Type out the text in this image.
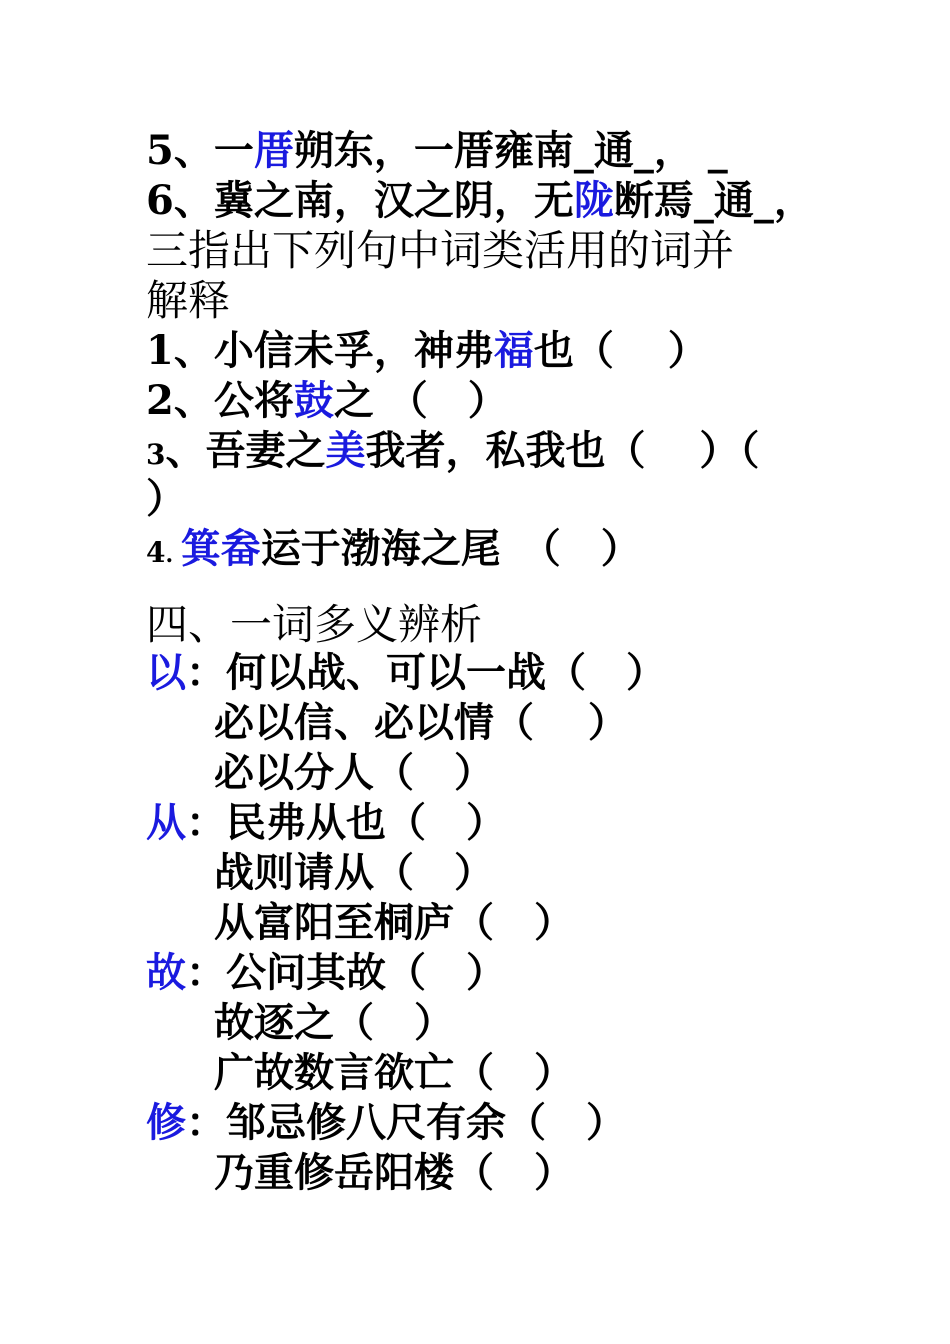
5、一厝朔东，一厝雍南_通_， _
6、冀之南，汉之阴，无陇断焉_通_，
三指出下列句中词类活用的词并
解释
1、小信未孚，神弗福也（　 ）
2、公将鼓之 （　）
3、吾妻之美我者，私我也（　 ）（
）
4. 箕畚运于渤海之尾　（　）
四、一词多义辨析
以：何以战、可以一战（　）
必以信、必以情（　 ）
必以分人（　）
从：民弗从也（　）
战则请从（　）
从富阳至桐庐（　）
故：公问其故（　）
故逐之（　）
广故数言欲亡（　）
修：邹忌修八尺有余（　）
乃重修岳阳楼（　）
